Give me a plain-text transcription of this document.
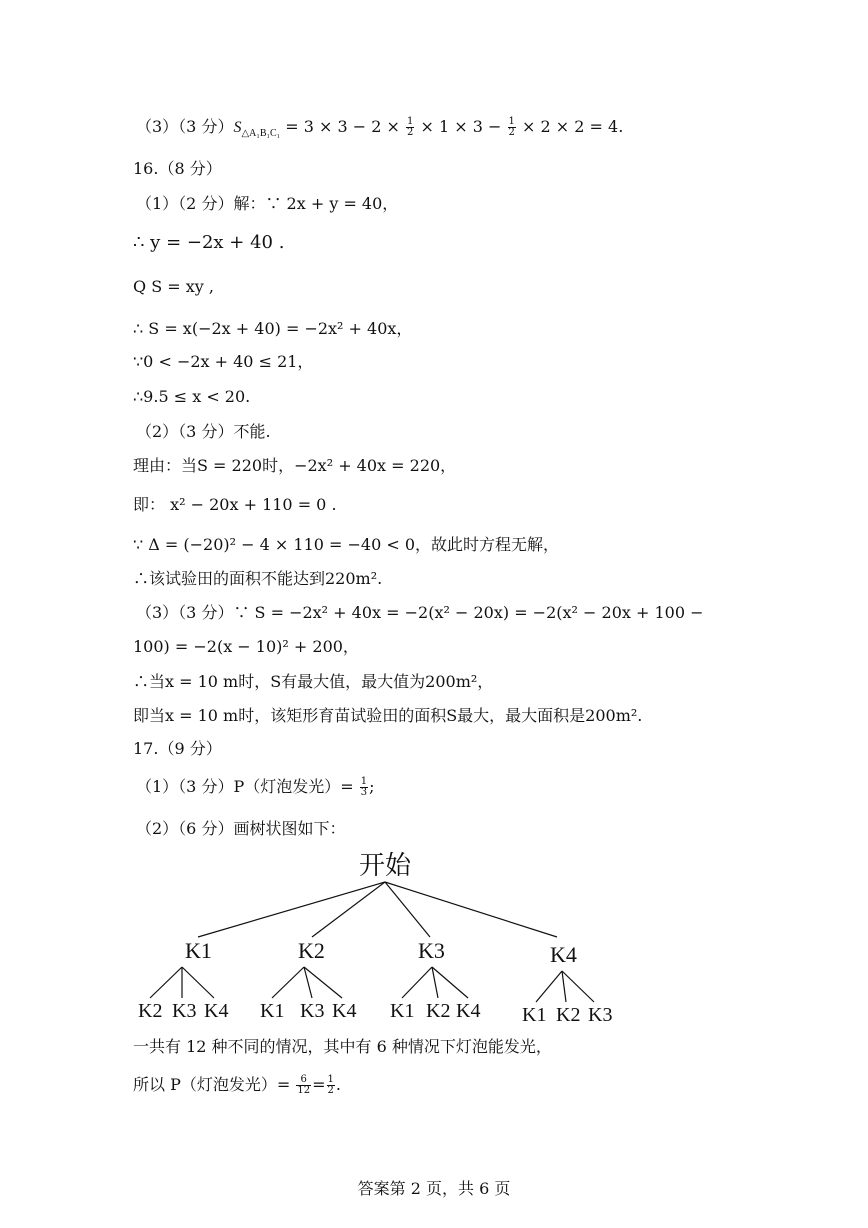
（3）（3 分）$S_{\triangle A_1B_1C_1} = 3 \times 3 - 2 \times \frac{1}{2} \times 1 \times 3 - \frac{1}{2} \times 2 \times 2 = 4$.
16.（8 分）
（1）（2 分）解：∵ 2x + y = 40，
∴ y = −2x + 40 .
Q S = xy ,
∴ S = x(−2x + 40) = −2x² + 40x，
∵0 < −2x + 40 ≤ 21，
∴9.5 ≤ x < 20.
（2）（3 分）不能.
理由：当S = 220时，−2x² + 40x = 220，
即： x² − 20x + 110 = 0 .
∵ Δ = (−20)² − 4 × 110 = −40 < 0，故此时方程无解，
∴该试验田的面积不能达到220m².
（3）（3 分）∵ S = −2x² + 40x = −2(x² − 20x) = −2(x² − 20x + 100 −
100) = −2(x − 10)² + 200，
∴当x = 10 m时，S有最大值，最大值为200m²，
即当x = 10 m时，该矩形育苗试验田的面积S最大，最大面积是200m².
17.（9 分）
（1）（3 分）P（灯泡发光）= $\frac{1}{3}$ ;
（2）（6 分）画树状图如下：
开始
K1	K2	K3	K4
K2 K3 K4 K1 K3 K4 K1 K2 K4 K1 K2 K3
一共有 12 种不同的情况，其中有 6 种情况下灯泡能发光，
所以 P（灯泡发光）= $\frac{6}{12} = \frac{1}{2}$ .
答案第 2 页，共 6 页
